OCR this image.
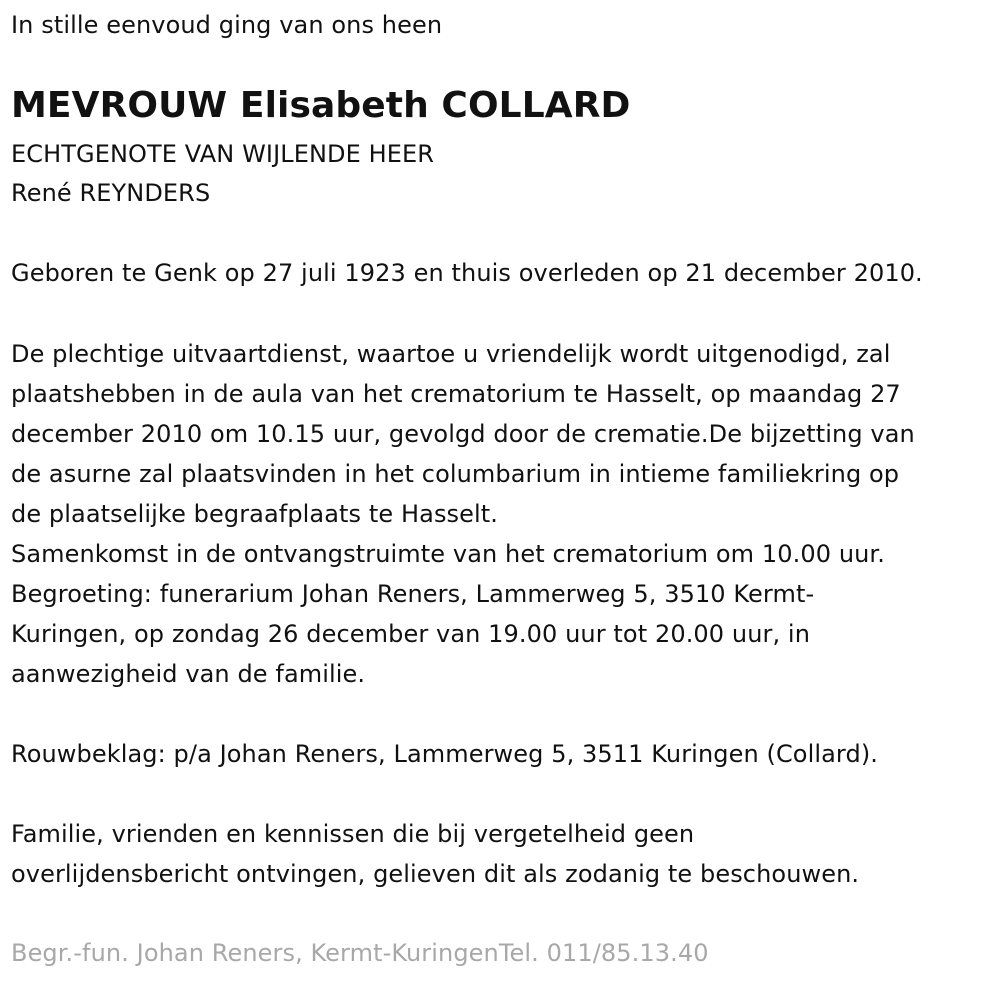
In stille eenvoud ging van ons heen

MEVROUW Elisabeth COLLARD

ECHTGENOTE VAN WIJLENDE HEER

René REYNDERS

Geboren te Genk op 27 juli 1923 en thuis overleden op 21 december 2010.

De plechtige uitvaartdienst, waartoe u vriendelijk wordt uitgenodigd, zal

plaatshebben in de aula van het crematorium te Hasselt, op maandag 27

december 2010 om 10.15 uur, gevolgd door de crematie.De bijzetting van

de asurne zal plaatsvinden in het columbarium in intieme familiekring op

de plaatselijke begraafplaats te Hasselt.

Samenkomst in de ontvangstruimte van het crematorium om 10.00 uur.

Begroeting: funerarium Johan Reners, Lammerweg 5, 3510 Kermt-

Kuringen, op zondag 26 december van 19.00 uur tot 20.00 uur, in

aanwezigheid van de familie.

Rouwbeklag: p/a Johan Reners, Lammerweg 5, 3511 Kuringen (Collard).

Familie, vrienden en kennissen die bij vergetelheid geen

overlijdensbericht ontvingen, gelieven dit als zodanig te beschouwen.

Begr.-fun. Johan Reners, Kermt-KuringenTel. 011/85.13.40
